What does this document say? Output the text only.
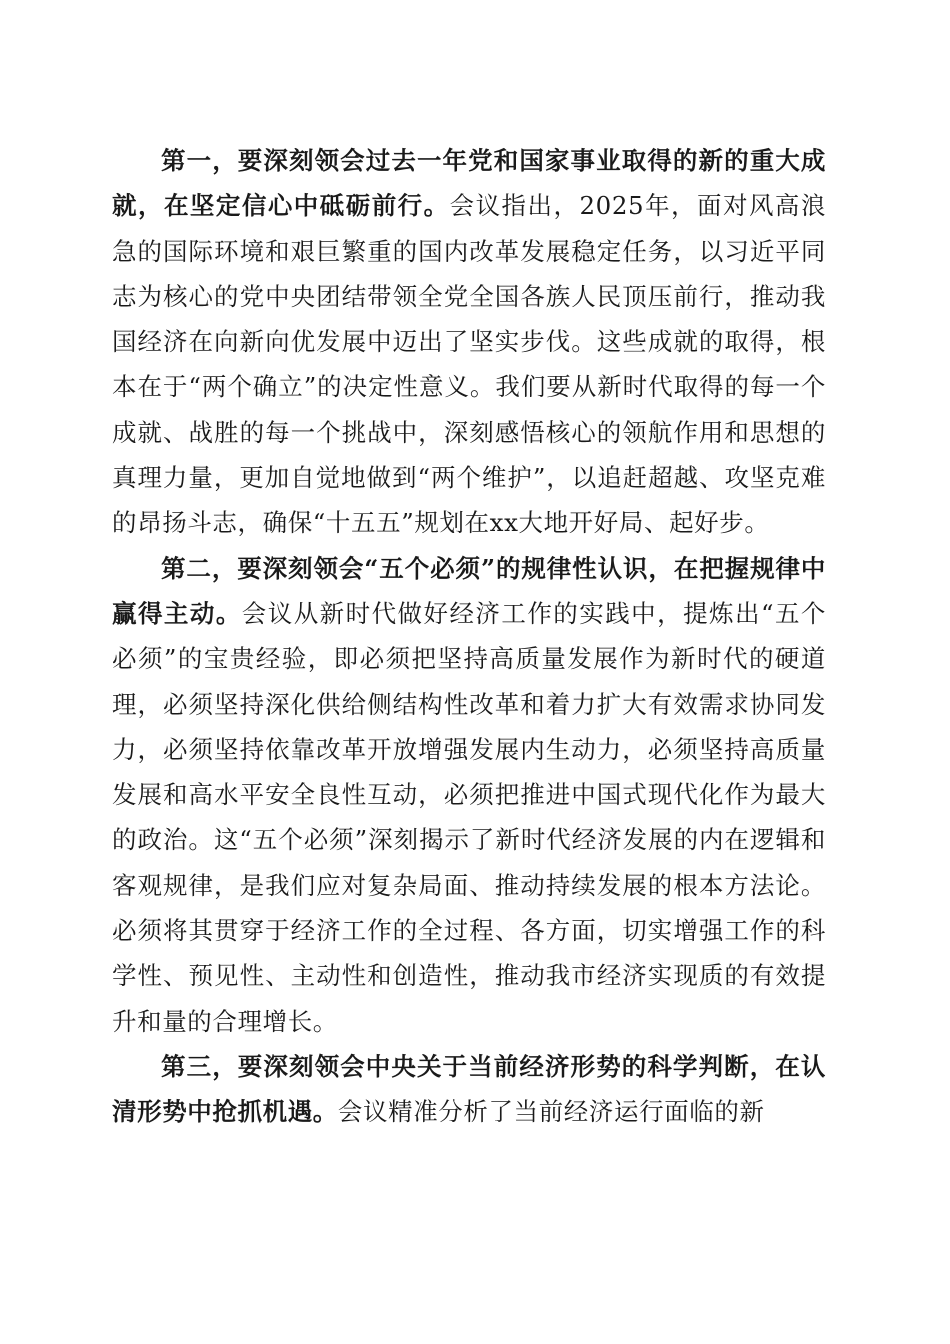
第一，要深刻领会过去一年党和国家事业取得的新的重大成就，在坚定信心中砥砺前行。会议指出，2025年，面对风高浪急的国际环境和艰巨繁重的国内改革发展稳定任务，以习近平同志为核心的党中央团结带领全党全国各族人民顶压前行，推动我国经济在向新向优发展中迈出了坚实步伐。这些成就的取得，根本在于“两个确立”的决定性意义。我们要从新时代取得的每一个成就、战胜的每一个挑战中，深刻感悟核心的领航作用和思想的真理力量，更加自觉地做到“两个维护”，以追赶超越、攻坚克难的昂扬斗志，确保“十五五”规划在xx大地开好局、起好步。

第二，要深刻领会“五个必须”的规律性认识，在把握规律中赢得主动。会议从新时代做好经济工作的实践中，提炼出“五个必须”的宝贵经验，即必须把坚持高质量发展作为新时代的硬道理，必须坚持深化供给侧结构性改革和着力扩大有效需求协同发力，必须坚持依靠改革开放增强发展内生动力，必须坚持高质量发展和高水平安全良性互动，必须把推进中国式现代化作为最大的政治。这“五个必须”深刻揭示了新时代经济发展的内在逻辑和客观规律，是我们应对复杂局面、推动持续发展的根本方法论。必须将其贯穿于经济工作的全过程、各方面，切实增强工作的科学性、预见性、主动性和创造性，推动我市经济实现质的有效提升和量的合理增长。

第三，要深刻领会中央关于当前经济形势的科学判断，在认清形势中抢抓机遇。会议精准分析了当前经济运行面临的新
